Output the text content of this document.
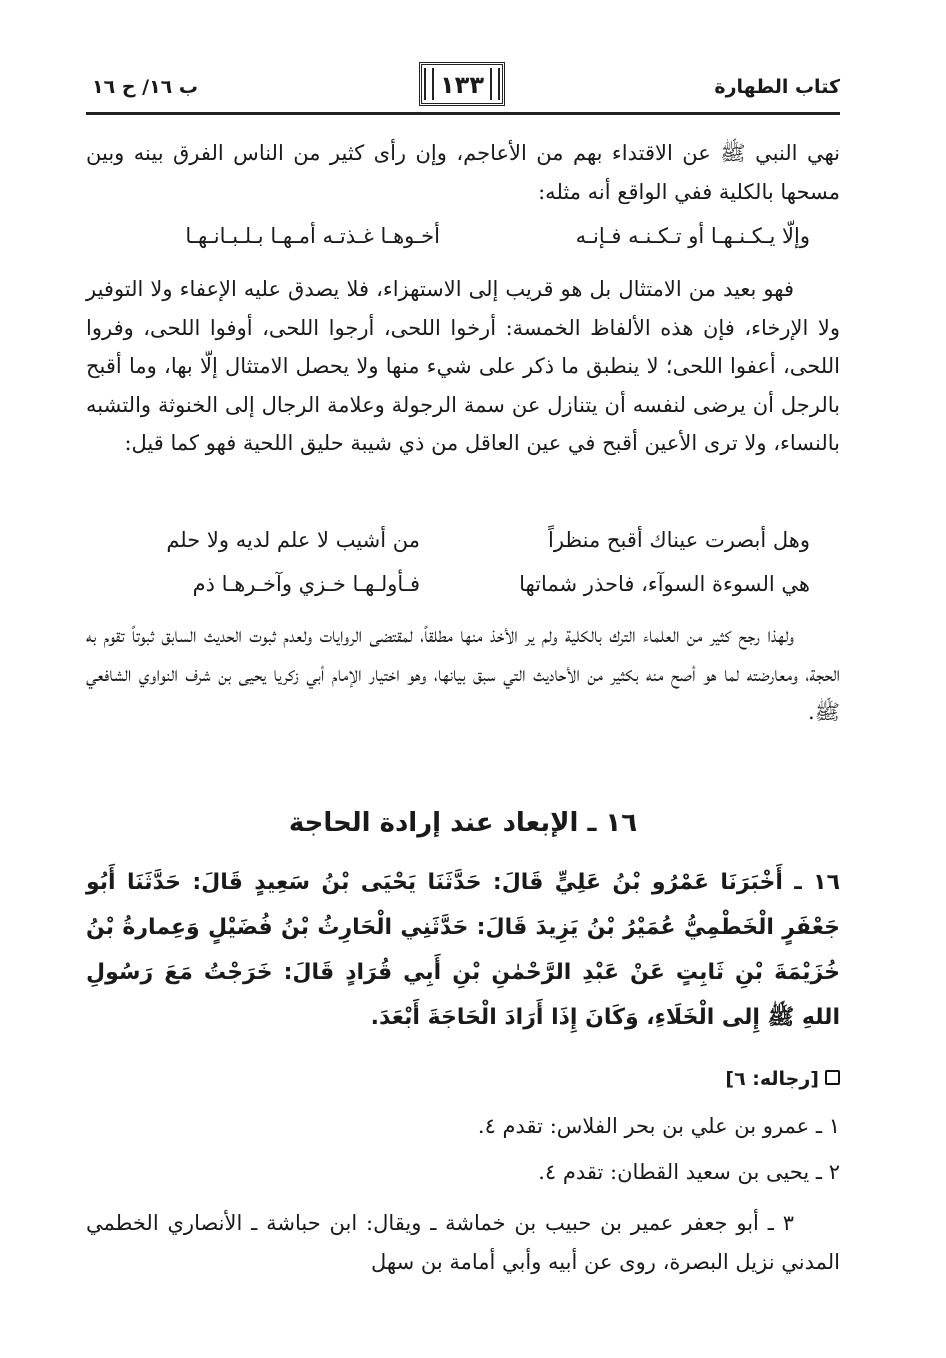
كتاب الطهارة
١٣٣
ب ١٦/ ح ١٦

نهي النبي ﷺ عن الاقتداء بهم من الأعاجم، وإن رأى كثير من الناس الفرق بينه وبين مسحها بالكلية ففي الواقع أنه مثله:

وإلّا يـكـنـهـا أو تـكـنـه فـإنـه
أخـوهـا غـذتـه أمـهـا بـلـبـانـهـا

فهو بعيد من الامتثال بل هو قريب إلى الاستهزاء، فلا يصدق عليه الإعفاء ولا التوفير ولا الإرخاء، فإن هذه الألفاظ الخمسة: أرخوا اللحى، أرجوا اللحى، أوفوا اللحى، وفروا اللحى، أعفوا اللحى؛ لا ينطبق ما ذكر على شيء منها ولا يحصل الامتثال إلّا بها، وما أقبح بالرجل أن يرضى لنفسه أن يتنازل عن سمة الرجولة وعلامة الرجال إلى الخنوثة والتشبه بالنساء، ولا ترى الأعين أقبح في عين العاقل من ذي شيبة حليق اللحية فهو كما قيل:

وهل أبصرت عيناك أقبح منظراً
من أشيب لا علم لديه ولا حلم
هي السوءة السوآء، فاحذر شماتها
فـأولـهـا خـزي وآخـرهـا ذم

ولهذا رجح كثير من العلماء الترك بالكلية ولم ير الأخذ منها مطلقاً، لمقتضى الروايات ولعدم ثبوت الحديث السابق ثبوتاً تقوم به الحجة، ومعارضته لما هو أصح منه بكثير من الأحاديث التي سبق بيانها، وهو اختيار الإمام أبي زكريا يحيى بن شرف النواوي الشافعي ﷺ.

١٦ ـ الإبعاد عند إرادة الحاجة

١٦ ـ أَخْبَرَنَا عَمْرُو بْنُ عَلِيٍّ قَالَ: حَدَّثَنَا يَحْيَى بْنُ سَعِيدٍ قَالَ: حَدَّثَنَا أَبُو جَعْفَرٍ الْخَطْمِيُّ عُمَيْرُ بْنُ يَزِيدَ قَالَ: حَدَّثَنِي الْحَارِثُ بْنُ فُضَيْلٍ وَعِمارةُ بْنُ خُزَيْمَةَ بْنِ ثَابِتٍ عَنْ عَبْدِ الرَّحْمٰنِ بْنِ أَبِي قُرَادٍ قَالَ: خَرَجْتُ مَعَ رَسُولِ اللهِ ﷺ إِلى الْخَلَاءِ، وَكَانَ إِذَا أَرَادَ الْحَاجَةَ أَبْعَدَ.

[رجاله: ٦]
١ ـ عمرو بن علي بن بحر الفلاس: تقدم ٤.
٢ ـ يحيى بن سعيد القطان: تقدم ٤.

٣ ـ أبو جعفر عمير بن حبيب بن خماشة ـ ويقال: ابن حباشة ـ الأنصاري الخطمي المدني نزيل البصرة، روى عن أبيه وأبي أمامة بن سهل
